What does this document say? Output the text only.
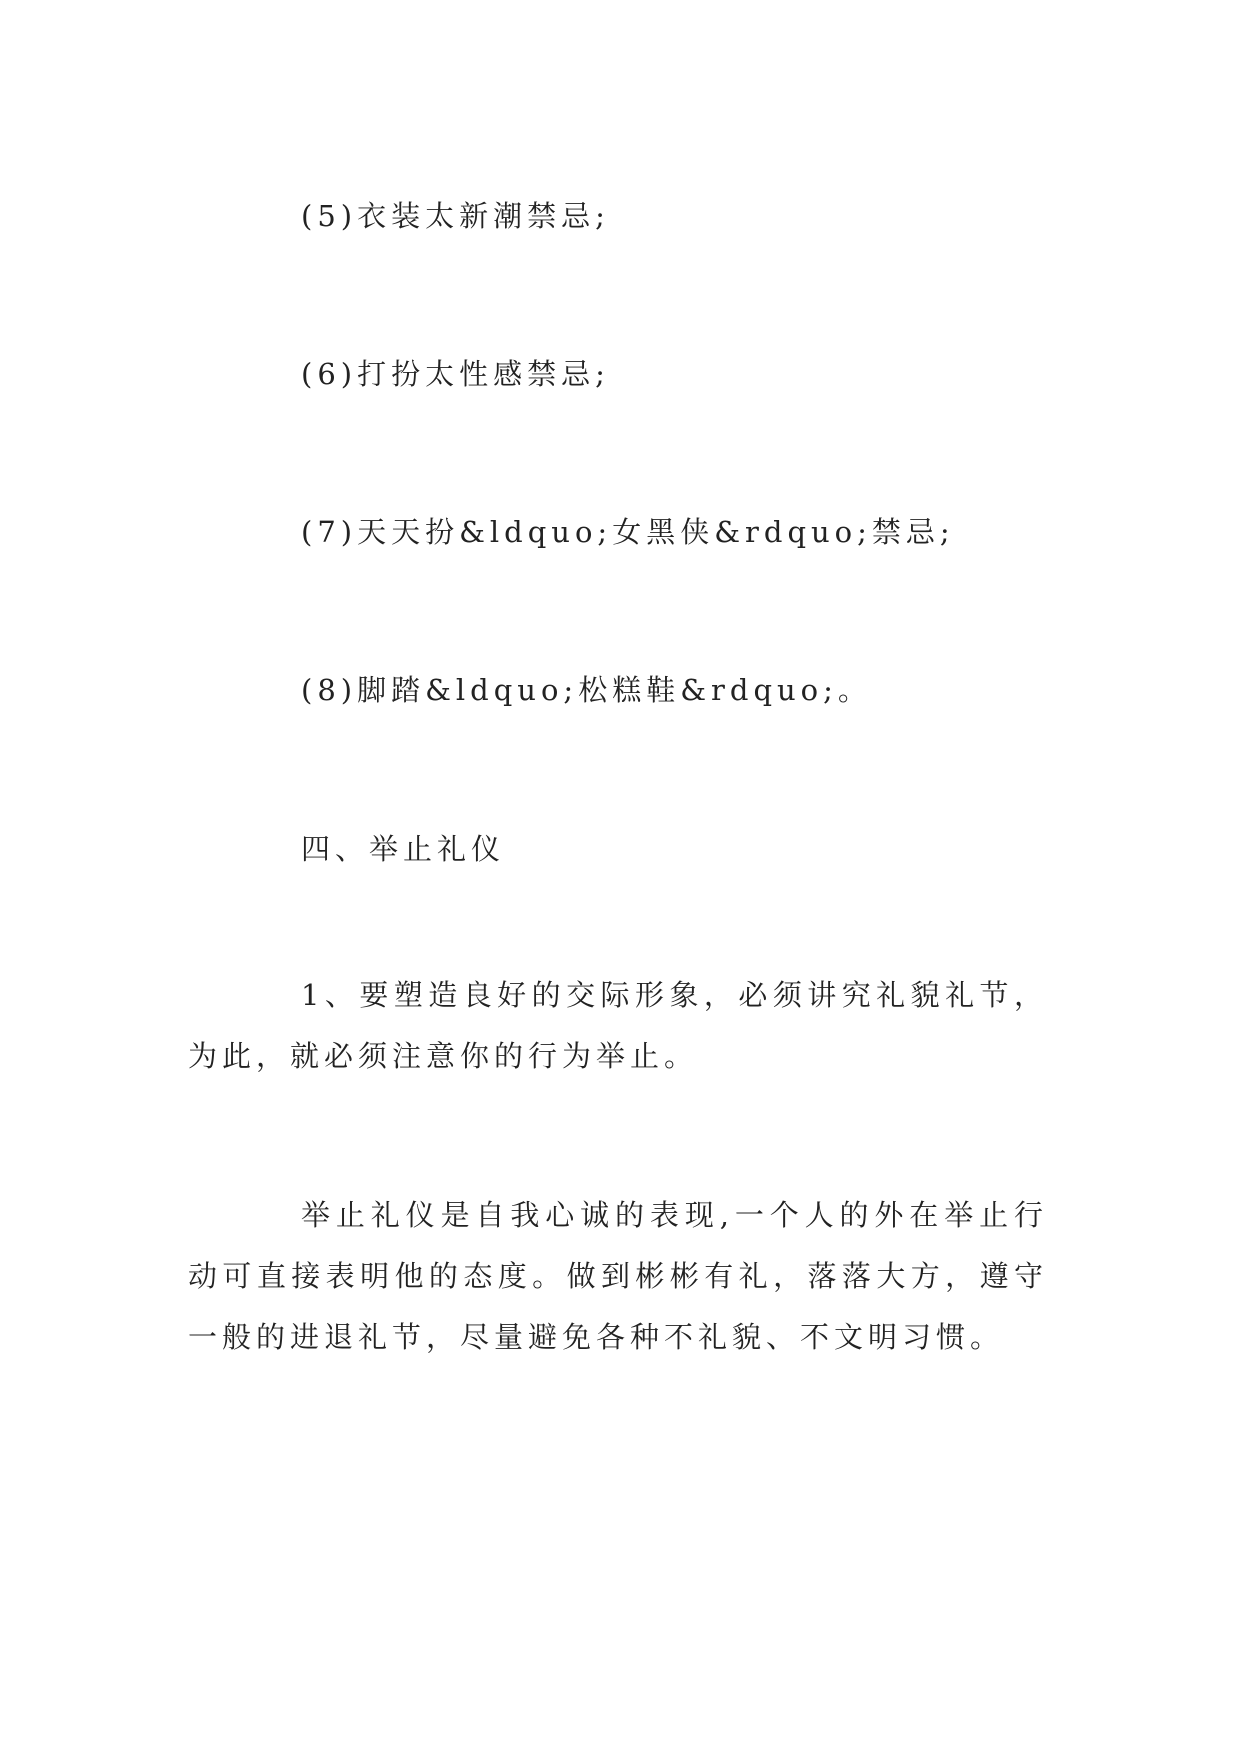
(5)衣装太新潮禁忌;
(6)打扮太性感禁忌;
(7)天天扮&ldquo;女黑侠&rdquo;禁忌;
(8)脚踏&ldquo;松糕鞋&rdquo;。
四、举止礼仪
1、要塑造良好的交际形象，必须讲究礼貌礼节，为此，就必须注意你的行为举止。
举止礼仪是自我心诚的表现,一个人的外在举止行动可直接表明他的态度。做到彬彬有礼，落落大方，遵守一般的进退礼节，尽量避免各种不礼貌、不文明习惯。
